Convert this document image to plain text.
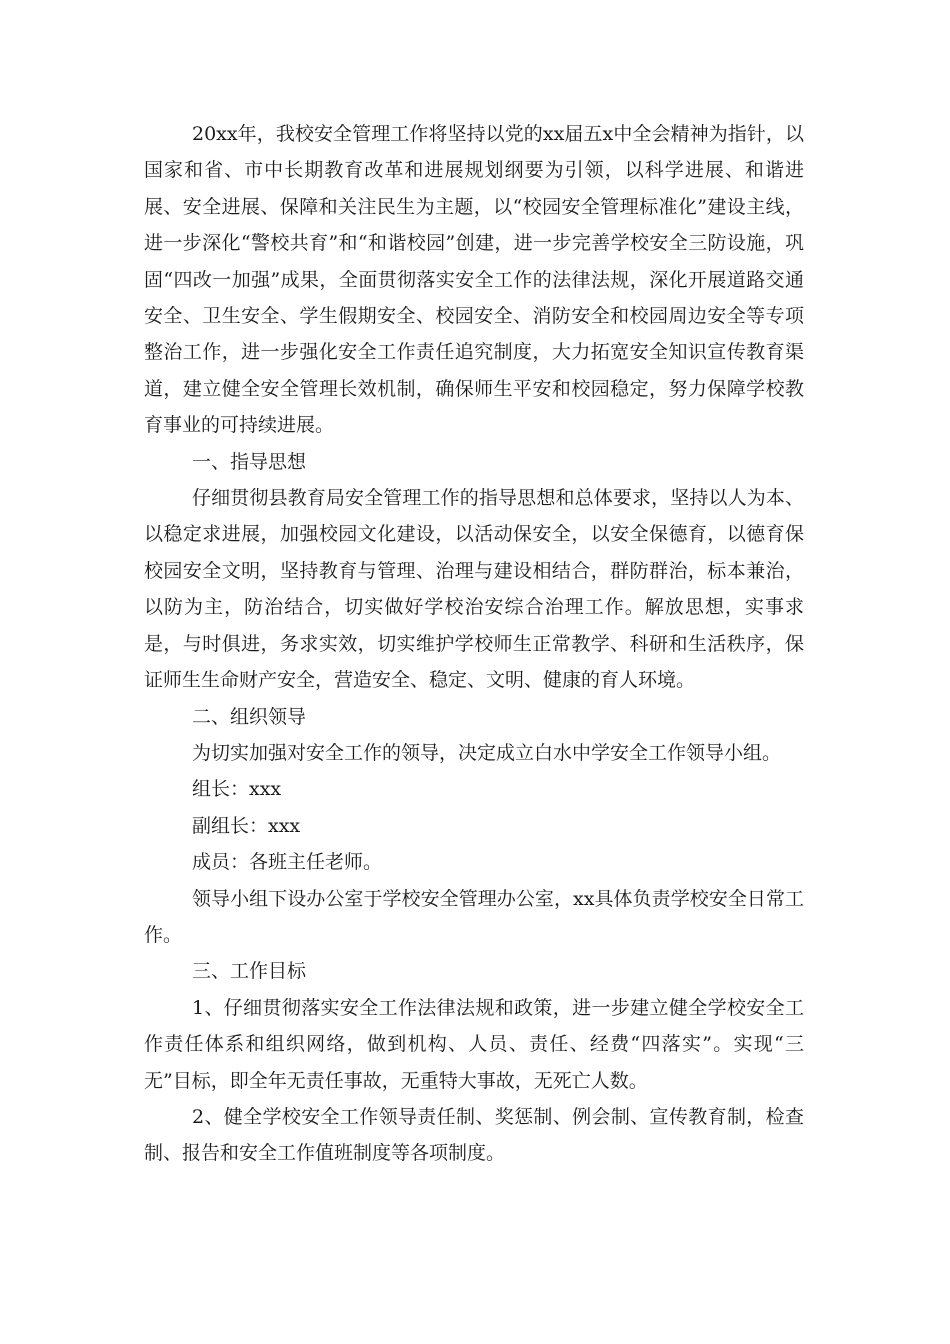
20xx年，我校安全管理工作将坚持以党的xx届五x中全会精神为指针，以国家和省、市中长期教育改革和进展规划纲要为引领，以科学进展、和谐进展、安全进展、保障和关注民生为主题，以“校园安全管理标准化”建设主线，进一步深化“警校共育”和“和谐校园”创建，进一步完善学校安全三防设施，巩固“四改一加强”成果，全面贯彻落实安全工作的法律法规，深化开展道路交通安全、卫生安全、学生假期安全、校园安全、消防安全和校园周边安全等专项整治工作，进一步强化安全工作责任追究制度，大力拓宽安全知识宣传教育渠道，建立健全安全管理长效机制，确保师生平安和校园稳定，努力保障学校教育事业的可持续进展。

一、指导思想

仔细贯彻县教育局安全管理工作的指导思想和总体要求，坚持以人为本、以稳定求进展，加强校园文化建设，以活动保安全，以安全保德育，以德育保校园安全文明，坚持教育与管理、治理与建设相结合，群防群治，标本兼治，以防为主，防治结合，切实做好学校治安综合治理工作。解放思想，实事求是，与时俱进，务求实效，切实维护学校师生正常教学、科研和生活秩序，保证师生生命财产安全，营造安全、稳定、文明、健康的育人环境。

二、组织领导

为切实加强对安全工作的领导，决定成立白水中学安全工作领导小组。

组长：xxx

副组长：xxx

成员：各班主任老师。

领导小组下设办公室于学校安全管理办公室，xx具体负责学校安全日常工作。

三、工作目标

1、仔细贯彻落实安全工作法律法规和政策，进一步建立健全学校安全工作责任体系和组织网络，做到机构、人员、责任、经费“四落实”。实现“三无”目标，即全年无责任事故，无重特大事故，无死亡人数。

2、健全学校安全工作领导责任制、奖惩制、例会制、宣传教育制，检查制、报告和安全工作值班制度等各项制度。
